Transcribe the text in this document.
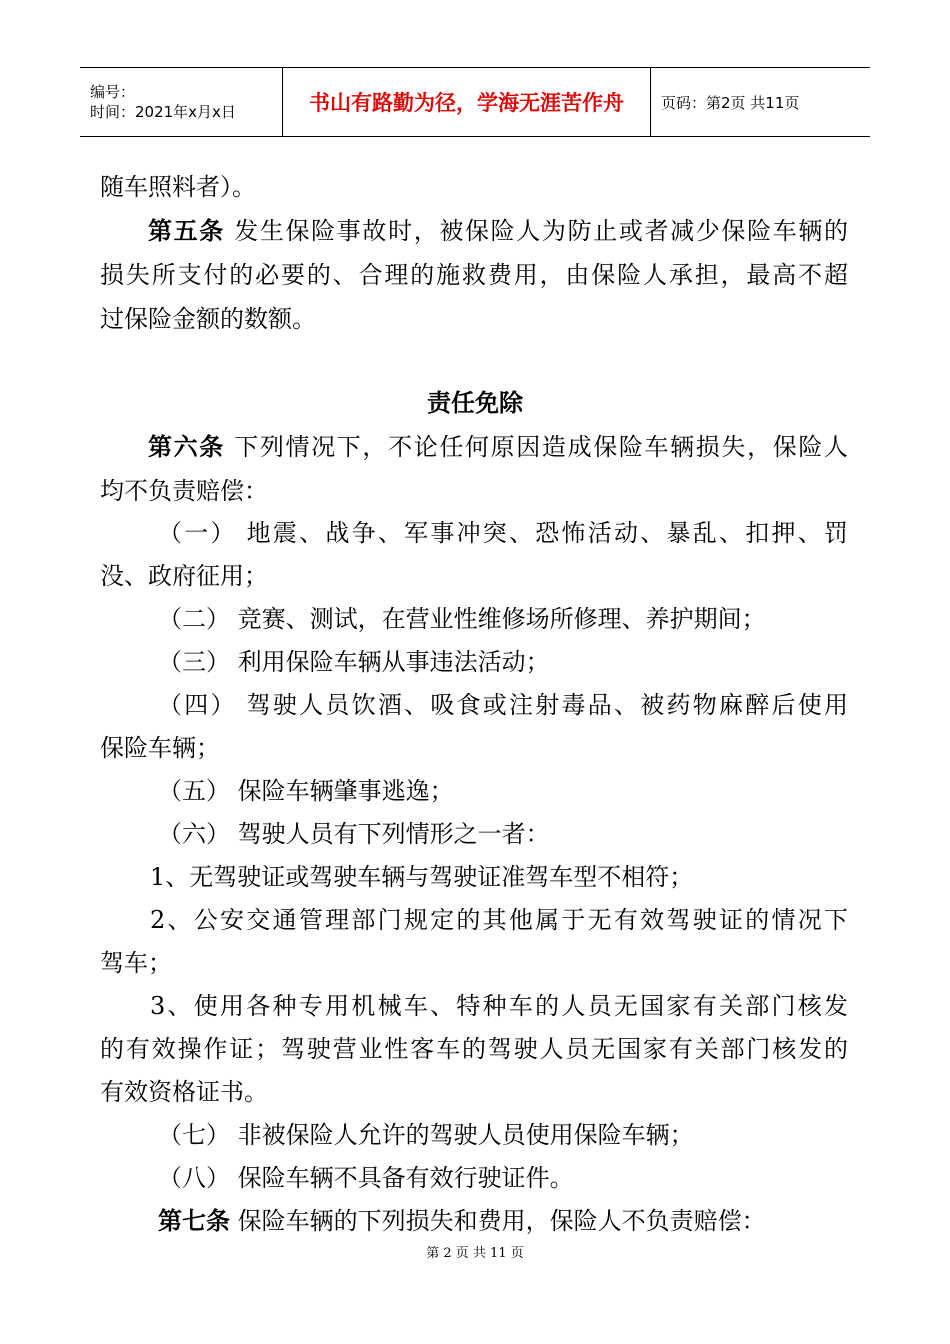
编号：
时间：2021年x月x日	书山有路勤为径，学海无涯苦作舟	页码：第2页 共11页
随车照料者）。
第五条 发生保险事故时，被保险人为防止或者减少保险车辆的
损失所支付的必要的、合理的施救费用，由保险人承担，最高不超
过保险金额的数额。
责任免除
第六条 下列情况下，不论任何原因造成保险车辆损失，保险人
均不负责赔偿：
（一） 地震、战争、军事冲突、恐怖活动、暴乱、扣押、罚
没、政府征用；
（二） 竞赛、测试，在营业性维修场所修理、养护期间；
（三） 利用保险车辆从事违法活动；
（四） 驾驶人员饮酒、吸食或注射毒品、被药物麻醉后使用
保险车辆；
（五） 保险车辆肇事逃逸；
（六） 驾驶人员有下列情形之一者：
1、无驾驶证或驾驶车辆与驾驶证准驾车型不相符；
2、公安交通管理部门规定的其他属于无有效驾驶证的情况下
驾车；
3、使用各种专用机械车、特种车的人员无国家有关部门核发
的有效操作证；驾驶营业性客车的驾驶人员无国家有关部门核发的
有效资格证书。
（七） 非被保险人允许的驾驶人员使用保险车辆；
（八） 保险车辆不具备有效行驶证件。
第七条 保险车辆的下列损失和费用，保险人不负责赔偿：
第 2 页 共 11 页
